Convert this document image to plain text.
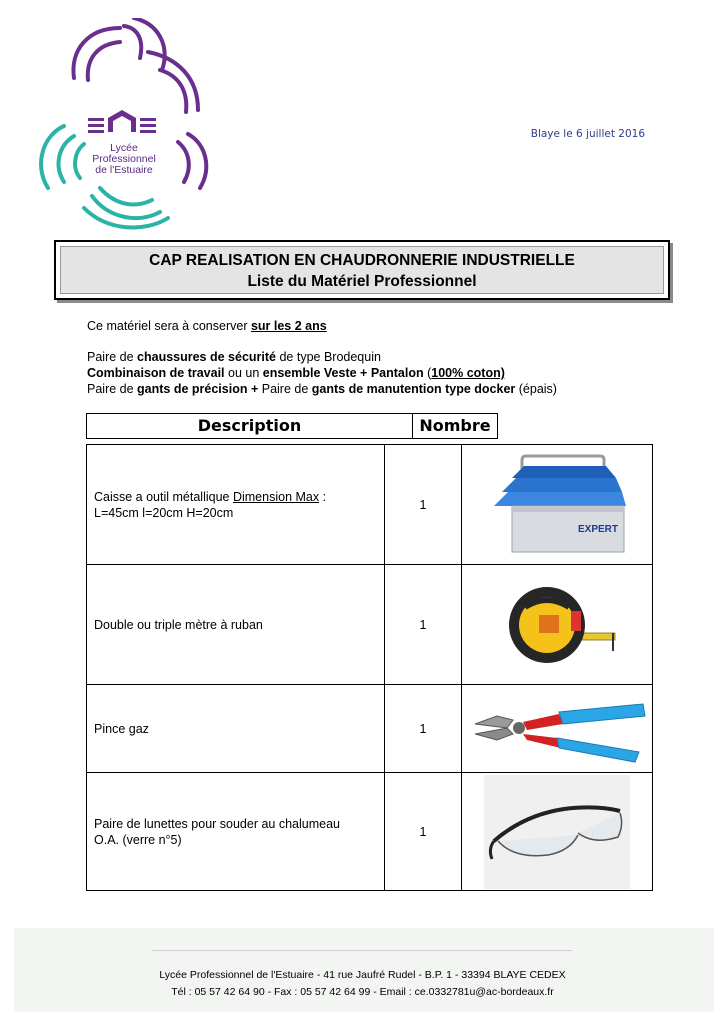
Lycée
Professionnel
de l'Estuaire
Blaye le 6 juillet 2016
CAP REALISATION EN CHAUDRONNERIE INDUSTRIELLE
Liste du Matériel Professionnel

Ce matériel sera à conserver sur les 2 ans

Paire de chaussures de sécurité de type Brodequin

Combinaison de travail ou un ensemble Veste + Pantalon (100% coton)

Paire de gants de précision + Paire de gants de manutention type docker (épais)

Description	Nombre
Caisse a outil métallique Dimension Max :
L=45cm l=20cm H=20cm	1	EXPERT

Double ou triple mètre à ruban	1	

Pince gaz	1	

Paire de lunettes pour souder au chalumeau
O.A. (verre n°5)	1	
Lycée Professionnel de l'Estuaire - 41 rue Jaufré Rudel - B.P. 1 - 33394 BLAYE CEDEX
Tél : 05 57 42 64 90 - Fax : 05 57 42 64 99 - Email : ce.0332781u@ac-bordeaux.fr
